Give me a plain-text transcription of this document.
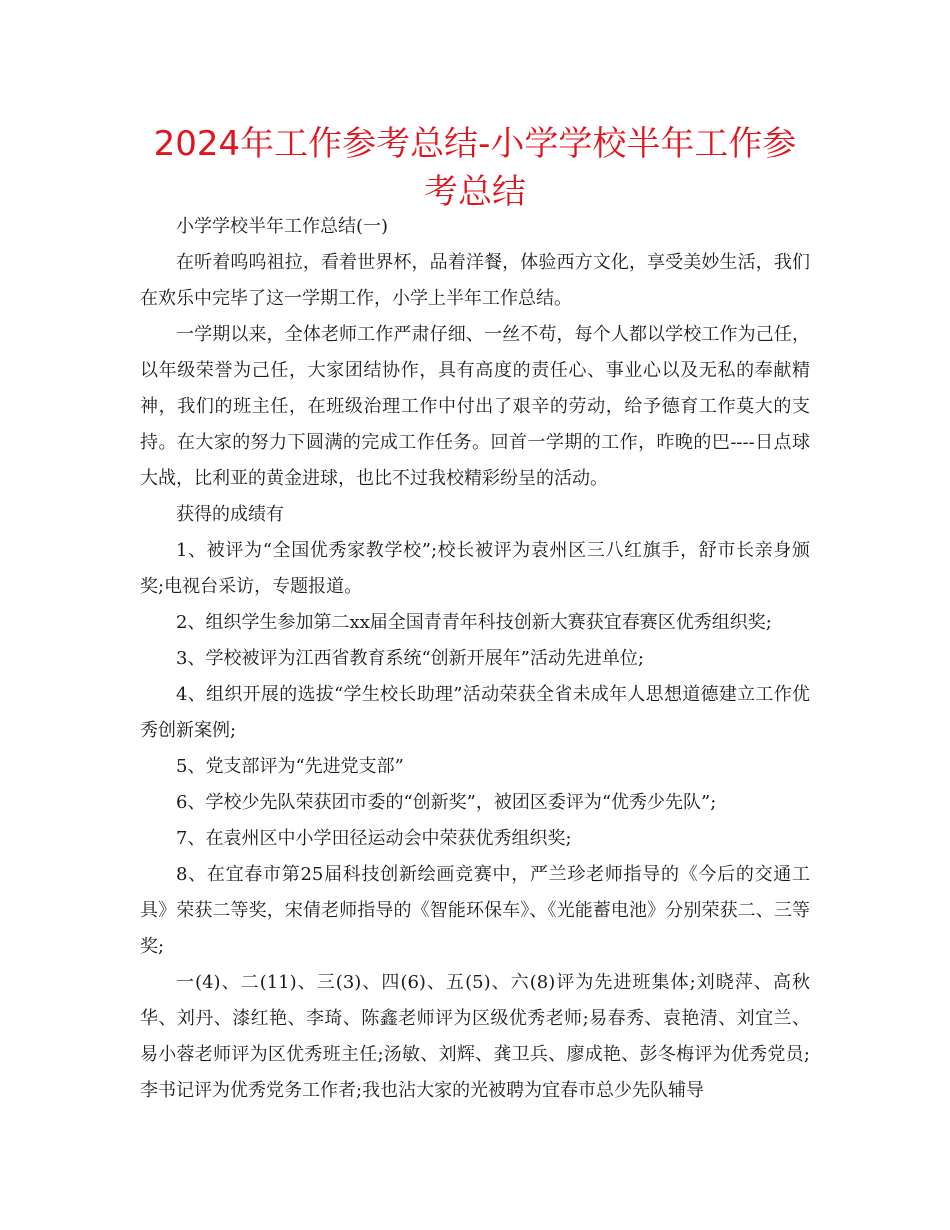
2024年工作参考总结-小学学校半年工作参考总结

小学学校半年工作总结(一)

在听着呜呜祖拉，看着世界杯，品着洋餐，体验西方文化，享受美妙生活，我们在欢乐中完毕了这一学期工作，小学上半年工作总结。

一学期以来，全体老师工作严肃仔细、一丝不苟，每个人都以学校工作为己任，以年级荣誉为己任，大家团结协作，具有高度的责任心、事业心以及无私的奉献精神，我们的班主任，在班级治理工作中付出了艰辛的劳动，给予德育工作莫大的支持。在大家的努力下圆满的完成工作任务。回首一学期的工作，昨晚的巴----日点球大战，比利亚的黄金进球，也比不过我校精彩纷呈的活动。

获得的成绩有

1、被评为“全国优秀家教学校”;校长被评为袁州区三八红旗手，舒市长亲身颁奖;电视台采访，专题报道。

2、组织学生参加第二xx届全国青青年科技创新大赛获宜春赛区优秀组织奖;

3、学校被评为江西省教育系统“创新开展年”活动先进单位;

4、组织开展的选拔“学生校长助理”活动荣获全省未成年人思想道德建立工作优秀创新案例;

5、党支部评为“先进党支部”

6、学校少先队荣获团市委的“创新奖”，被团区委评为“优秀少先队”;

7、在袁州区中小学田径运动会中荣获优秀组织奖;

8、在宜春市第25届科技创新绘画竞赛中，严兰珍老师指导的《今后的交通工具》荣获二等奖，宋倩老师指导的《智能环保车》、《光能蓄电池》分别荣获二、三等奖;

一(4)、二(11)、三(3)、四(6)、五(5)、六(8)评为先进班集体;刘晓萍、高秋华、刘丹、漆红艳、李琦、陈鑫老师评为区级优秀老师;易春秀、袁艳清、刘宜兰、易小蓉老师评为区优秀班主任;汤敏、刘辉、龚卫兵、廖成艳、彭冬梅评为优秀党员;李书记评为优秀党务工作者;我也沾大家的光被聘为宜春市总少先队辅导
